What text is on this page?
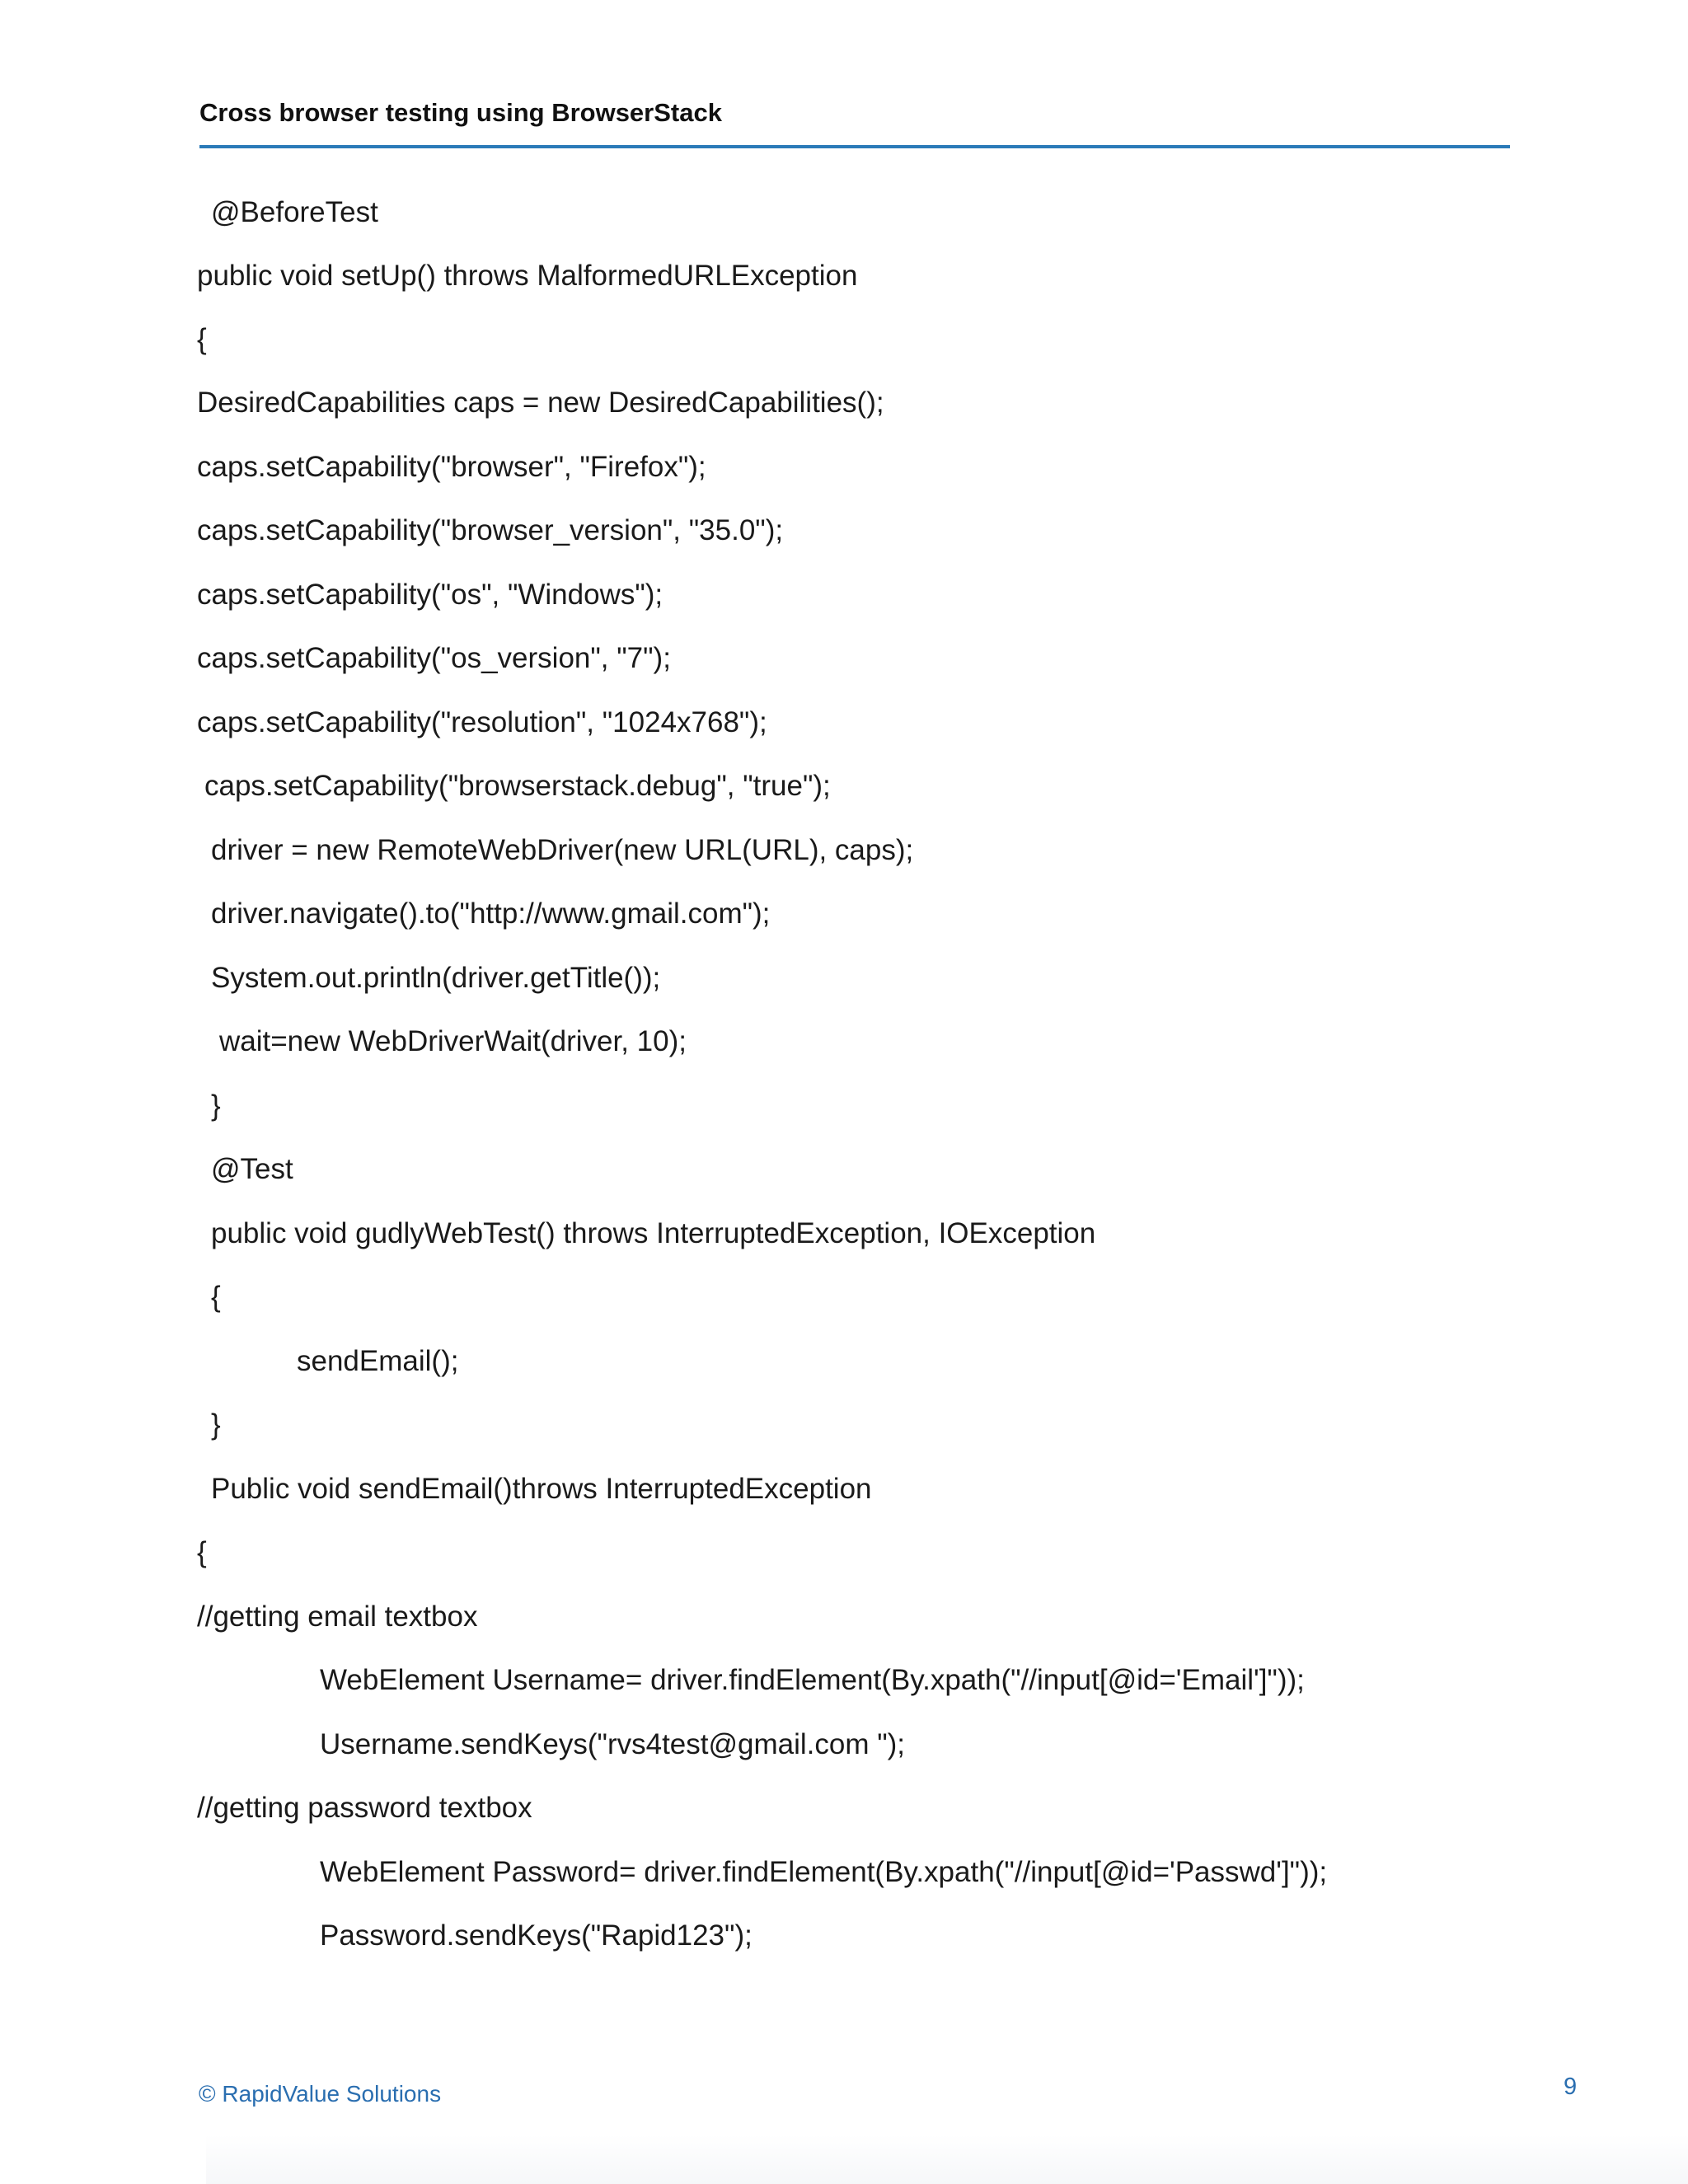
Cross browser testing using BrowserStack
@BeforeTest
public void setUp() throws MalformedURLException
{
DesiredCapabilities caps = new DesiredCapabilities();
caps.setCapability("browser", "Firefox");
caps.setCapability("browser_version", "35.0");
caps.setCapability("os", "Windows");
caps.setCapability("os_version", "7");
caps.setCapability("resolution", "1024x768");
caps.setCapability("browserstack.debug", "true");
driver = new RemoteWebDriver(new URL(URL), caps);
driver.navigate().to("http://www.gmail.com");
System.out.println(driver.getTitle());
wait=new WebDriverWait(driver, 10);
}
@Test
public void gudlyWebTest() throws InterruptedException, IOException
{
sendEmail();
}
Public void sendEmail()throws InterruptedException
{
//getting email textbox
WebElement Username= driver.findElement(By.xpath("//input[@id='Email']"));
Username.sendKeys("rvs4test@gmail.com ");
//getting password textbox
WebElement Password= driver.findElement(By.xpath("//input[@id='Passwd']"));
Password.sendKeys("Rapid123");
© RapidValue Solutions	9
